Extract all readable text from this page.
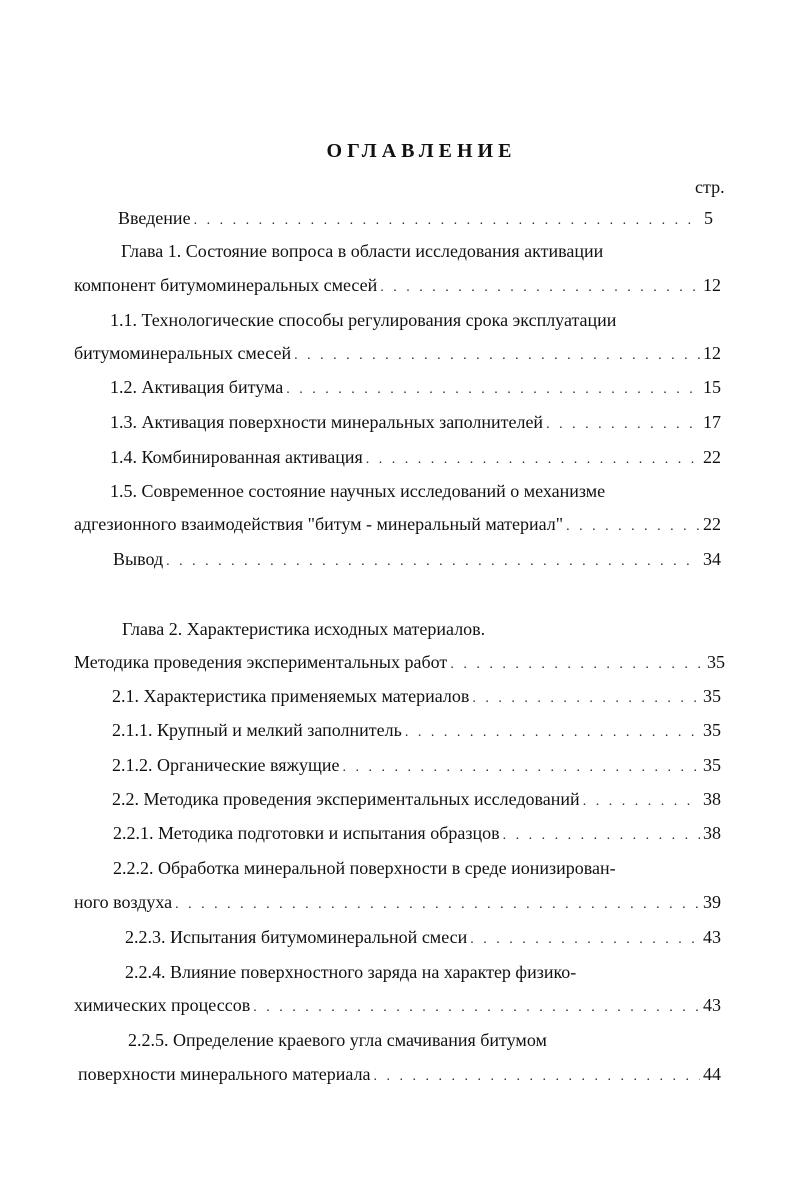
ОГЛАВЛЕНИЕ
стр.
Введение . . .	5
Глава 1. Состояние вопроса в области исследования активации
компонент битумоминеральных смесей . . .	12
1.1. Технологические способы регулирования срока эксплуатации
битумоминеральных смесей . . .	12
1.2. Активация битума . . .	15
1.3. Активация поверхности минеральных заполнителей . . .	17
1.4. Комбинированная активация . . .	22
1.5. Современное состояние научных исследований о механизме
адгезионного взаимодействия "битум - минеральный материал" . . .	22
Вывод . . .	34
Глава 2. Характеристика исходных материалов.
Методика проведения экспериментальных работ . . .	35
2.1. Характеристика применяемых материалов . . .	35
2.1.1. Крупный и мелкий заполнитель . . .	35
2.1.2. Органические вяжущие . . .	35
2.2. Методика проведения экспериментальных исследований . . .	38
2.2.1. Методика подготовки и испытания образцов . . .	38
2.2.2. Обработка минеральной поверхности в среде ионизирован-
ного воздуха . . .	39
2.2.3. Испытания битумоминеральной смеси . . .	43
2.2.4. Влияние поверхностного заряда на характер физико-
химических процессов . . .	43
2.2.5. Определение краевого угла смачивания битумом
поверхности минерального материала . . .	44
